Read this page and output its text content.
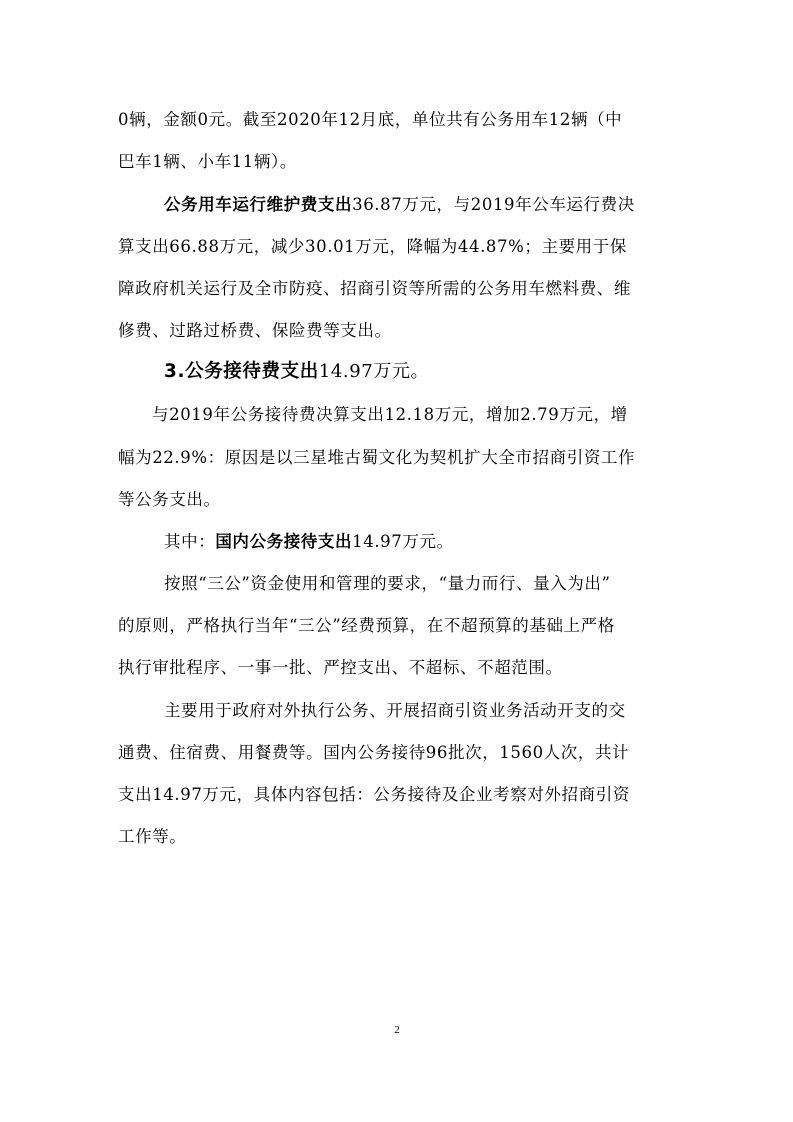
0辆，金额0元。截至2020年12月底，单位共有公务用车12辆（中
巴车1辆、小车11辆）。
公务用车运行维护费支出36.87万元，与2019年公车运行费决
算支出66.88万元，减少30.01万元，降幅为44.87%；主要用于保
障政府机关运行及全市防疫、招商引资等所需的公务用车燃料费、维
修费、过路过桥费、保险费等支出。
3.公务接待费支出14.97万元。
与2019年公务接待费决算支出12.18万元，增加2.79万元，增
幅为22.9%：原因是以三星堆古蜀文化为契机扩大全市招商引资工作
等公务支出。
其中：国内公务接待支出14.97万元。
按照“三公”资金使用和管理的要求，“量力而行、量入为出”
的原则，严格执行当年“三公”经费预算，在不超预算的基础上严格
执行审批程序、一事一批、严控支出、不超标、不超范围。
主要用于政府对外执行公务、开展招商引资业务活动开支的交
通费、住宿费、用餐费等。国内公务接待96批次，1560人次，共计
支出14.97万元，具体内容包括：公务接待及企业考察对外招商引资
工作等。
2
